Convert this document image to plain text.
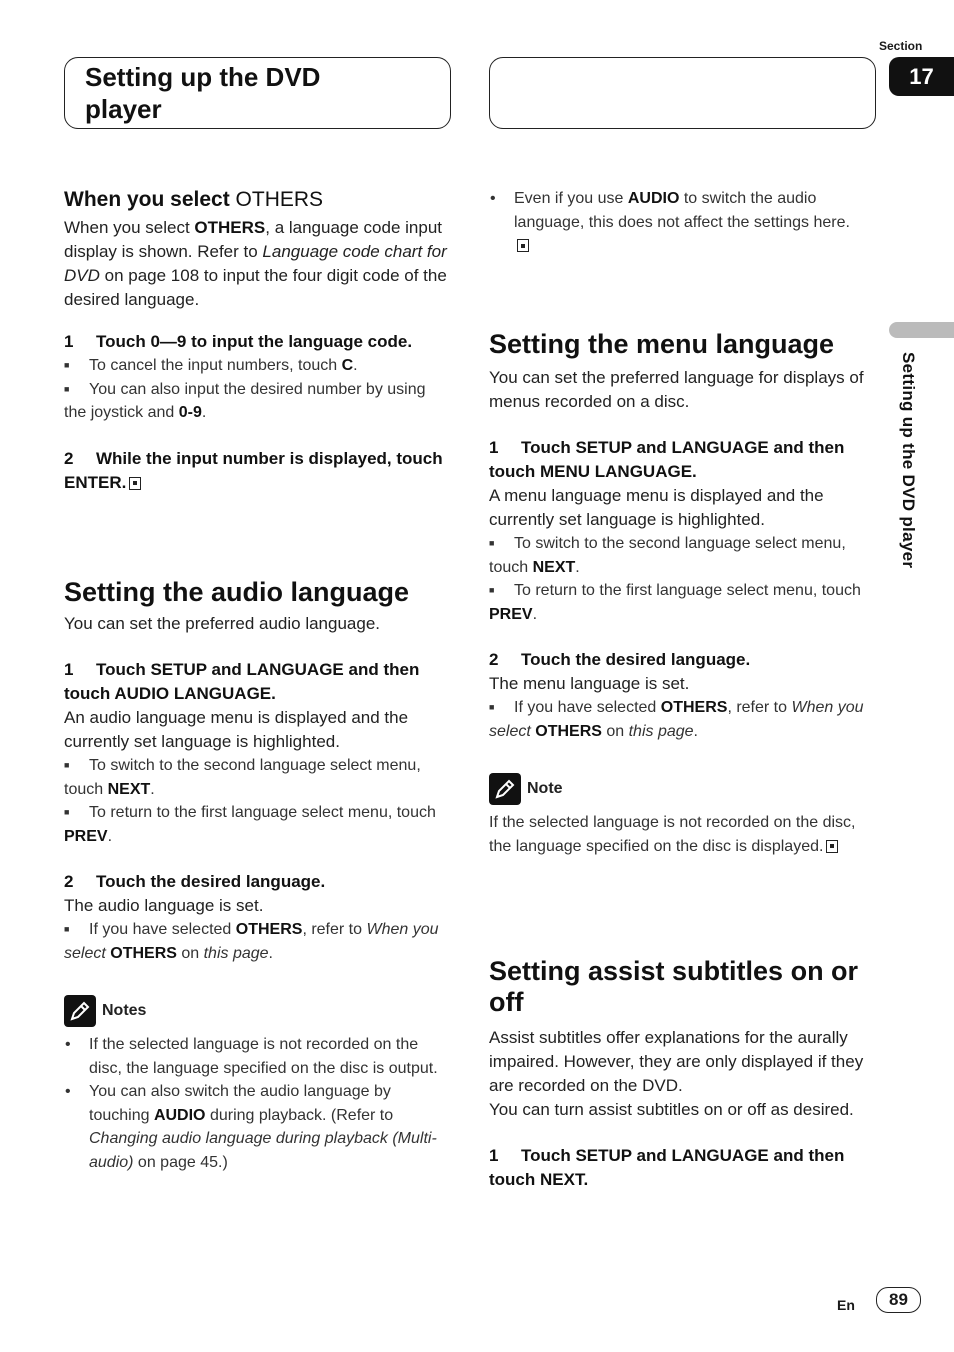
Setting up the DVD player
Section
17
Setting up the DVD player
When you select OTHERS

When you select OTHERS, a language code input display is shown. Refer to Language code chart for DVD on page 108 to input the four digit code of the desired language.

1 Touch 0—9 to input the language code.

■ To cancel the input numbers, touch C.

■ You can also input the desired number by using the joystick and 0-9.

2 While the input number is displayed, touch ENTER.

Setting the audio language

You can set the preferred audio language.

1 Touch SETUP and LANGUAGE and then touch AUDIO LANGUAGE.

An audio language menu is displayed and the currently set language is highlighted.

■ To switch to the second language select menu, touch NEXT.

■ To return to the first language select menu, touch PREV.

2 Touch the desired language.

The audio language is set.

■ If you have selected OTHERS, refer to When you select OTHERS on this page.

Notes

• If the selected language is not recorded on the disc, the language specified on the disc is output.

• You can also switch the audio language by touching AUDIO during playback. (Refer to Changing audio language during playback (Multi-audio) on page 45.)

• Even if you use AUDIO to switch the audio language, this does not affect the settings here.

Setting the menu language

You can set the preferred language for displays of menus recorded on a disc.

1 Touch SETUP and LANGUAGE and then touch MENU LANGUAGE.

A menu language menu is displayed and the currently set language is highlighted.

■ To switch to the second language select menu, touch NEXT.

■ To return to the first language select menu, touch PREV.

2 Touch the desired language.

The menu language is set.

■ If you have selected OTHERS, refer to When you select OTHERS on this page.

Note

If the selected language is not recorded on the disc, the language specified on the disc is displayed.

Setting assist subtitles on or off

Assist subtitles offer explanations for the aurally impaired. However, they are only displayed if they are recorded on the DVD.

You can turn assist subtitles on or off as desired.

1 Touch SETUP and LANGUAGE and then touch NEXT.

En	89
